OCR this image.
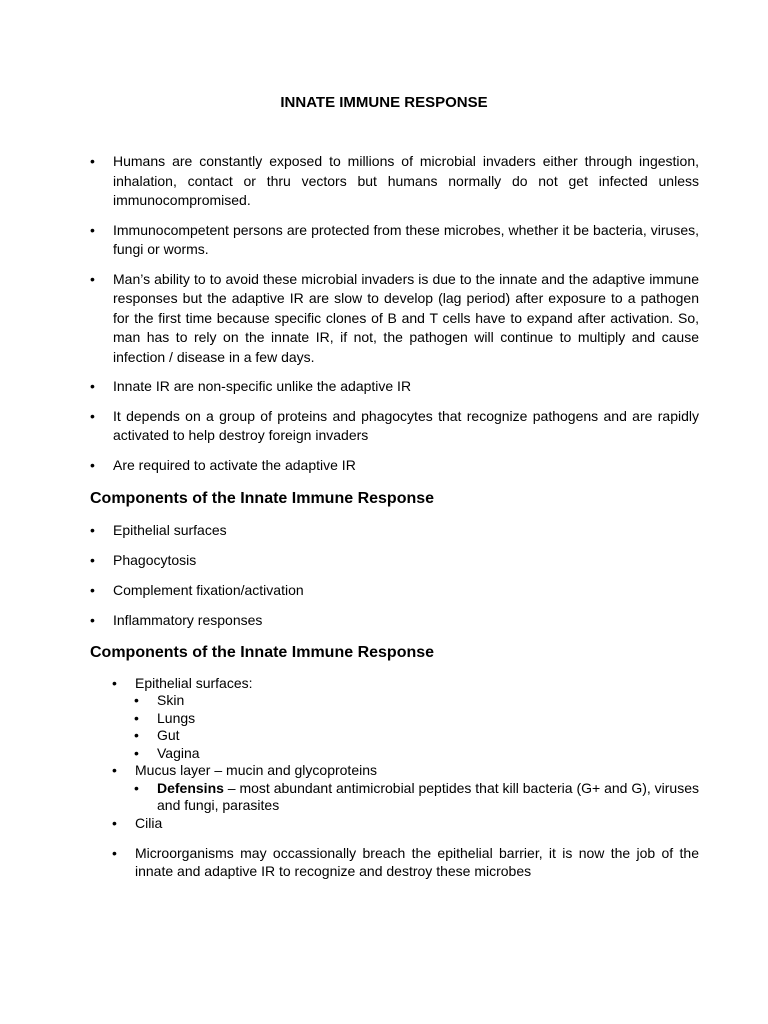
INNATE IMMUNE RESPONSE

• Humans are constantly exposed to millions of microbial invaders either through ingestion, inhalation, contact or thru vectors but humans normally do not get infected unless immunocompromised.

• Immunocompetent persons are protected from these microbes, whether it be bacteria, viruses, fungi or worms.

• Man’s ability to to avoid these microbial invaders is due to the innate and the adaptive immune responses but the adaptive IR are slow to develop (lag period) after exposure to a pathogen for the first time because specific clones of B and T cells have to expand after activation. So, man has to rely on the innate IR, if not, the pathogen will continue to multiply and cause infection / disease in a few days.

• Innate IR are non-specific unlike the adaptive IR

• It depends on a group of proteins and phagocytes that recognize pathogens and are rapidly activated to help destroy foreign invaders

• Are required to activate the adaptive IR

Components of the Innate Immune Response

• Epithelial surfaces

• Phagocytosis

• Complement fixation/activation

• Inflammatory responses

Components of the Innate Immune Response

• Epithelial surfaces:

• Skin

• Lungs

• Gut

• Vagina

• Mucus layer – mucin and glycoproteins

• Defensins – most abundant antimicrobial peptides that kill bacteria (G+ and G), viruses and fungi, parasites

• Cilia

• Microorganisms may occassionally breach the epithelial barrier, it is now the job of the innate and adaptive IR to recognize and destroy these microbes
